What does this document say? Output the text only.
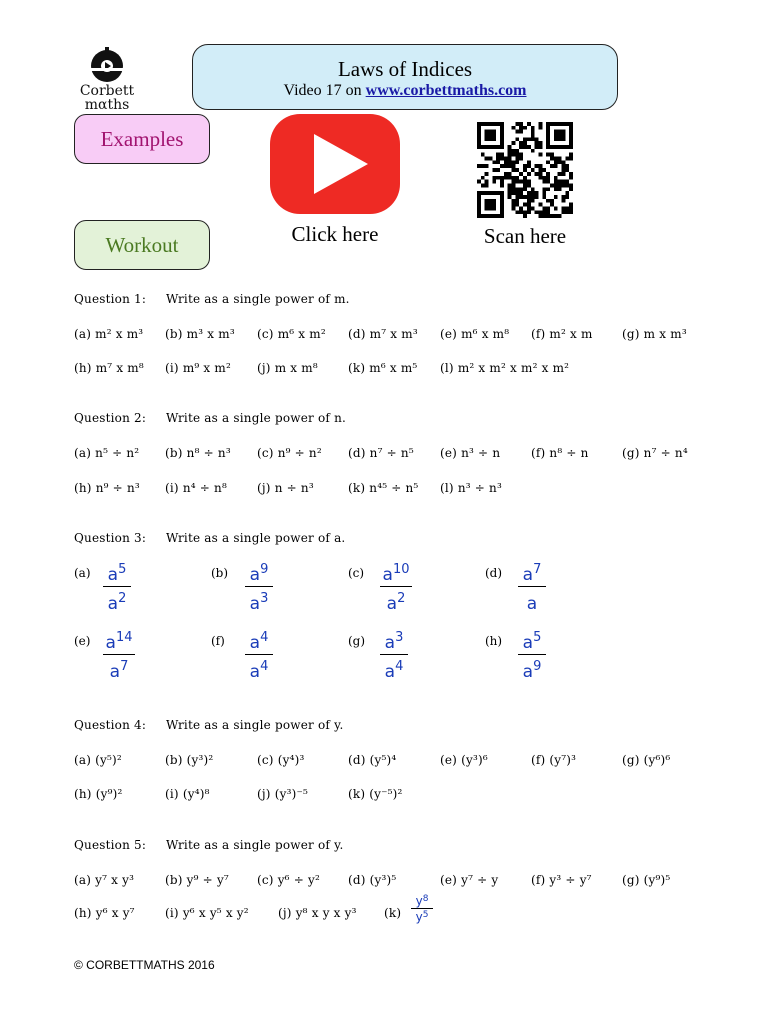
Corbett
mαths
Laws of Indices
Video 17 on www.corbettmaths.com
Examples
Workout	Click here	Scan here
Question 1: Write as a single power of m.
(a) m² x m³ (b) m³ x m³ (c) m⁶ x m² (d) m⁷ x m³ (e) m⁶ x m⁸ (f) m² x m (g) m x m³
(h) m⁷ x m⁸ (i) m⁹ x m² (j) m x m⁸	(k) m⁶ x m⁵ (l) m² x m² x m² x m²
Question 2: Write as a single power of n.
(a) n⁵ ÷ n² (b) n⁸ ÷ n³ (c) n⁹ ÷ n² (d) n⁷ ÷ n⁵ (e) n³ ÷ n	(f) n⁸ ÷ n	(g) n⁷ ÷ n⁴
(h) n⁹ ÷ n³ (i) n⁴ ÷ n⁸	(j) n ÷ n³	(k) n⁴⁵ ÷ n⁵ (l) n³ ÷ n³
Question 3: Write as a single power of a.
(a) $a^5$
$a^2$
(b) $a^9$
$a^3$
(c) $a^{10}$
$a^2$
(d) $a^7$
a
(e) $a^{14}$
$a^7$
(f) $a^4$
$a^4$
(g) $a^3$
$a^4$
(h) $a^5$
$a^9$
Question 4: Write as a single power of y.
(a) (y⁵)²	(b) (y³)²	(c) (y⁴)³	(d) (y⁵)⁴	(e) (y³)⁶	(f) (y⁷)³	(g) (y⁶)⁶
(h) (y⁹)²	(i) (y⁴)⁸	(j) (y³)⁻⁵	(k) (y⁻⁵)²
Question 5: Write as a single power of y.
(a) y⁷ x y³	(b) y⁹ ÷ y⁷ (c) y⁶ ÷ y² (d) (y³)⁵	(e) y⁷ ÷ y	(f) y³ ÷ y⁷	(g) (y⁹)⁵
(h) y⁶ x y⁷	(i) y⁶ x y⁵ x y² (j) y⁸ x y x y³ (k)
$y^8$
$y^5$
© CORBETTMATHS 2016
